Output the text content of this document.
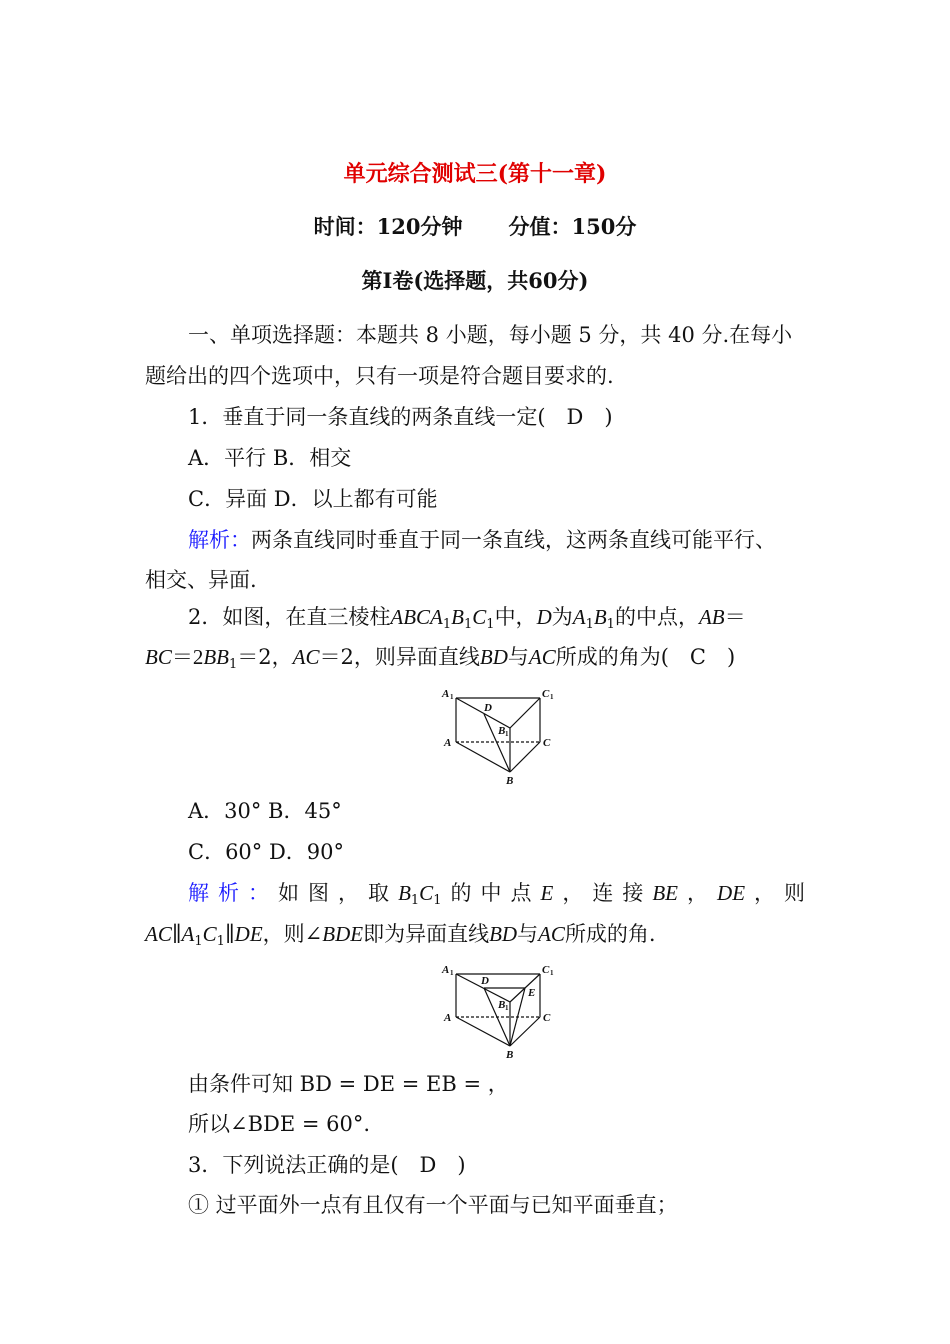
单元综合测试三(第十一章)
时间：120分钟 分值：150分
第Ⅰ卷(选择题，共60分)
一、单项选择题：本题共 8 小题，每小题 5 分，共 40 分.在每小
题给出的四个选项中，只有一项是符合题目要求的.
1．垂直于同一条直线的两条直线一定(　D　)
A．平行 B．相交
C．异面 D．以上都有可能
解析：两条直线同时垂直于同一条直线，这两条直线可能平行、
相交、异面.
2．如图，在直三棱柱$ABCA_1B_1C_1$中，D为$A_1B_1$的中点，AB＝
$BC=2BB_1=2$，AC＝2，则异面直线BD与AC所成的角为(　C　)
A 1	C 1
D
B 1
A	C
B
A．30° B．45°
C．60° D．90°
解析：如图，取$B_1C_1$的中点E，连接BE，DE，则
$AC\parallel A_1C_1\parallel DE$，则∠BDE即为异面直线BD与AC所成的角.
A 1	C 1
D
E
B 1
A	C
B
由条件可知 BD = DE = EB = ，
所以∠BDE = 60°.
3．下列说法正确的是(　D　)
① 过平面外一点有且仅有一个平面与已知平面垂直；
